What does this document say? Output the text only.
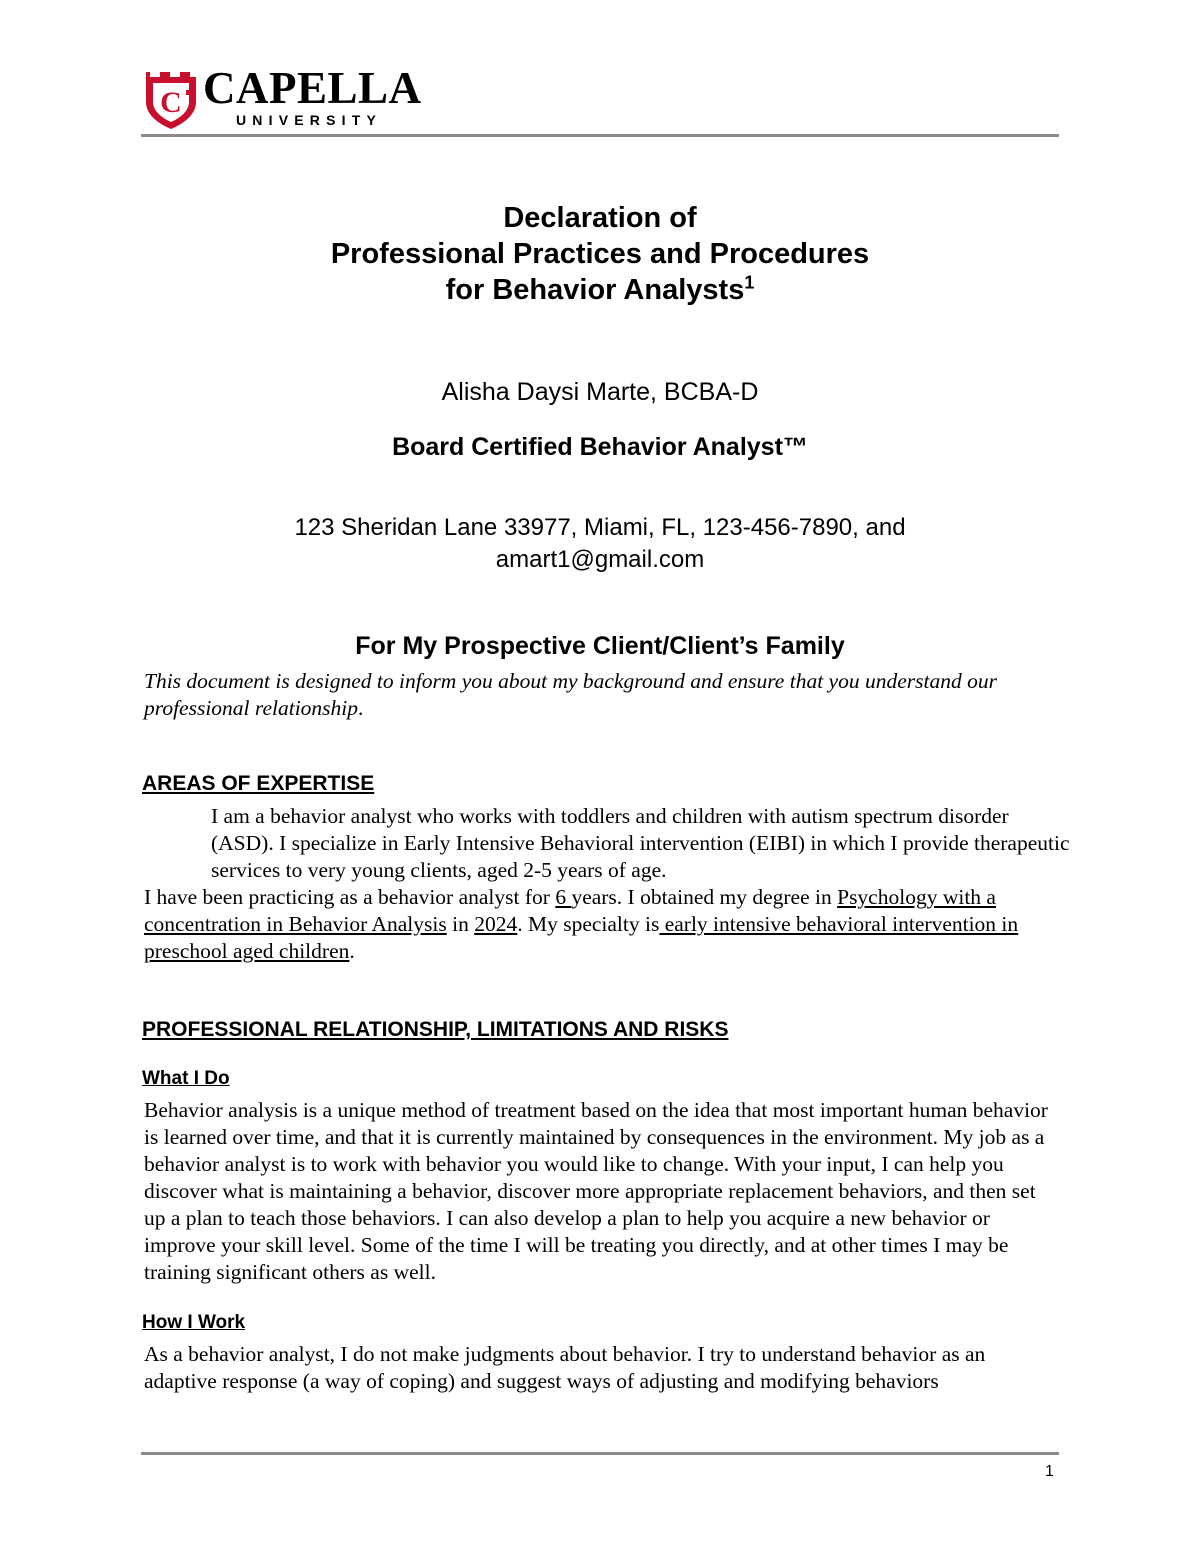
C CAPELLA
UNIVERSITY
Declaration of
Professional Practices and Procedures
for Behavior Analysts$^1$
Alisha Daysi Marte, BCBA-D
Board Certified Behavior Analyst™
123 Sheridan Lane 33977, Miami, FL, 123-456-7890, and
amart1@gmail.com
For My Prospective Client/Client’s Family
This document is designed to inform you about my background and ensure that you understand our professional relationship.
AREAS OF EXPERTISE
I am a behavior analyst who works with toddlers and children with autism spectrum disorder (ASD). I specialize in Early Intensive Behavioral intervention (EIBI) in which I provide therapeutic services to very young clients, aged 2-5 years of age.
I have been practicing as a behavior analyst for 6 years. I obtained my degree in Psychology with a concentration in Behavior Analysis in 2024. My specialty is early intensive behavioral intervention in preschool aged children.
PROFESSIONAL RELATIONSHIP, LIMITATIONS AND RISKS
What I Do
Behavior analysis is a unique method of treatment based on the idea that most important human behavior is learned over time, and that it is currently maintained by consequences in the environment. My job as a behavior analyst is to work with behavior you would like to change. With your input, I can help you discover what is maintaining a behavior, discover more appropriate replacement behaviors, and then set up a plan to teach those behaviors. I can also develop a plan to help you acquire a new behavior or improve your skill level. Some of the time I will be treating you directly, and at other times I may be training significant others as well.
How I Work
As a behavior analyst, I do not make judgments about behavior. I try to understand behavior as an adaptive response (a way of coping) and suggest ways of adjusting and modifying behaviors
1
